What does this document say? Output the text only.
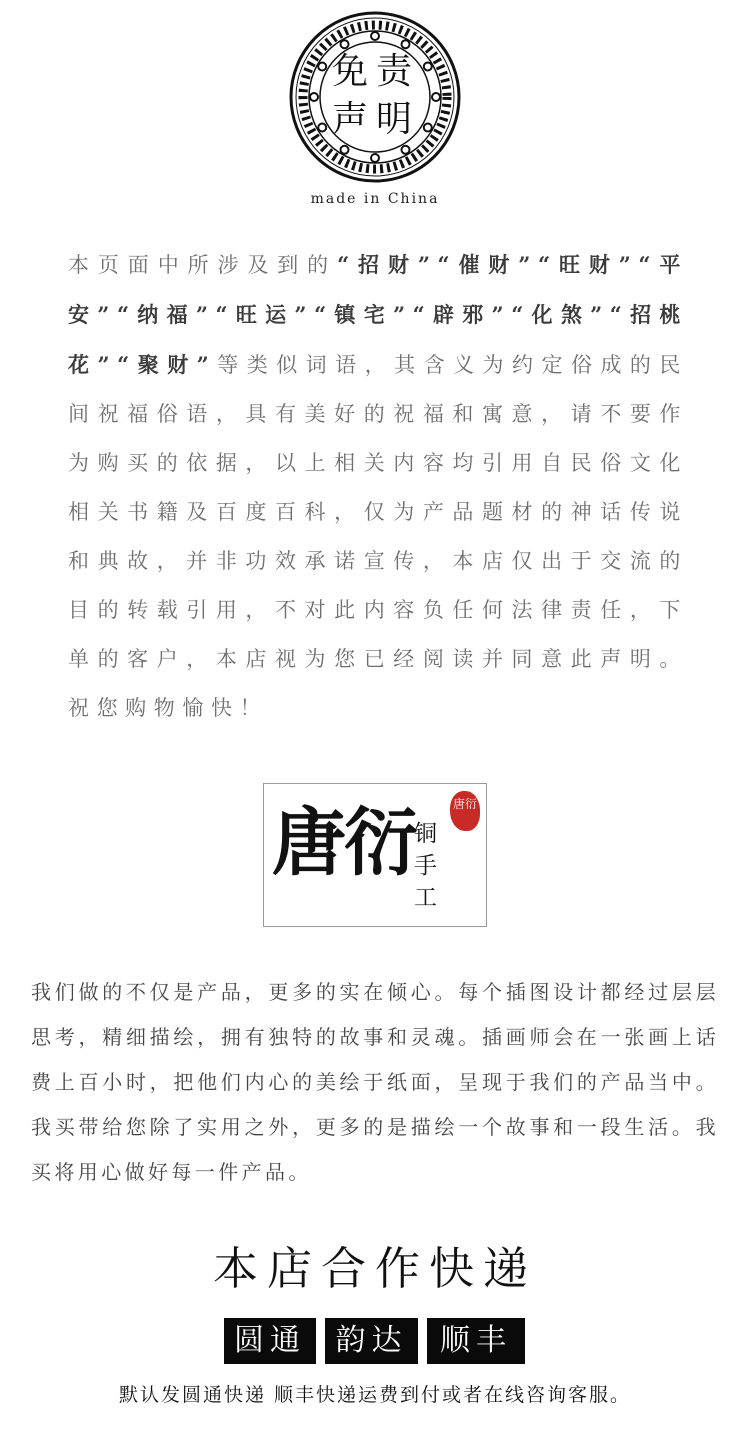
免 责
声 明
made in China

本页面中所涉及到的“招财”“催财”“旺财”“平安”“纳福”“旺运”“镇宅”“辟邪”“化煞”“招桃花”“聚财”等类似词语，其含义为约定俗成的民间祝福俗语，具有美好的祝福和寓意，请不要作为购买的依据，以上相关内容均引用自民俗文化相关书籍及百度百科，仅为产品题材的神话传说和典故，并非功效承诺宣传，本店仅出于交流的目的转载引用，不对此内容负任何法律责任，下单的客户，本店视为您已经阅读并同意此声明。祝您购物愉快！

唐衍
铜手工
唐衍

我们做的不仅是产品，更多的实在倾心。每个插图设计都经过层层思考，精细描绘，拥有独特的故事和灵魂。插画师会在一张画上话费上百小时，把他们内心的美绘于纸面，呈现于我们的产品当中。我买带给您除了实用之外，更多的是描绘一个故事和一段生活。我买将用心做好每一件产品。

本店合作快递
圆通 韵达	顺丰
默认发圆通快递 顺丰快递运费到付或者在线咨询客服。
